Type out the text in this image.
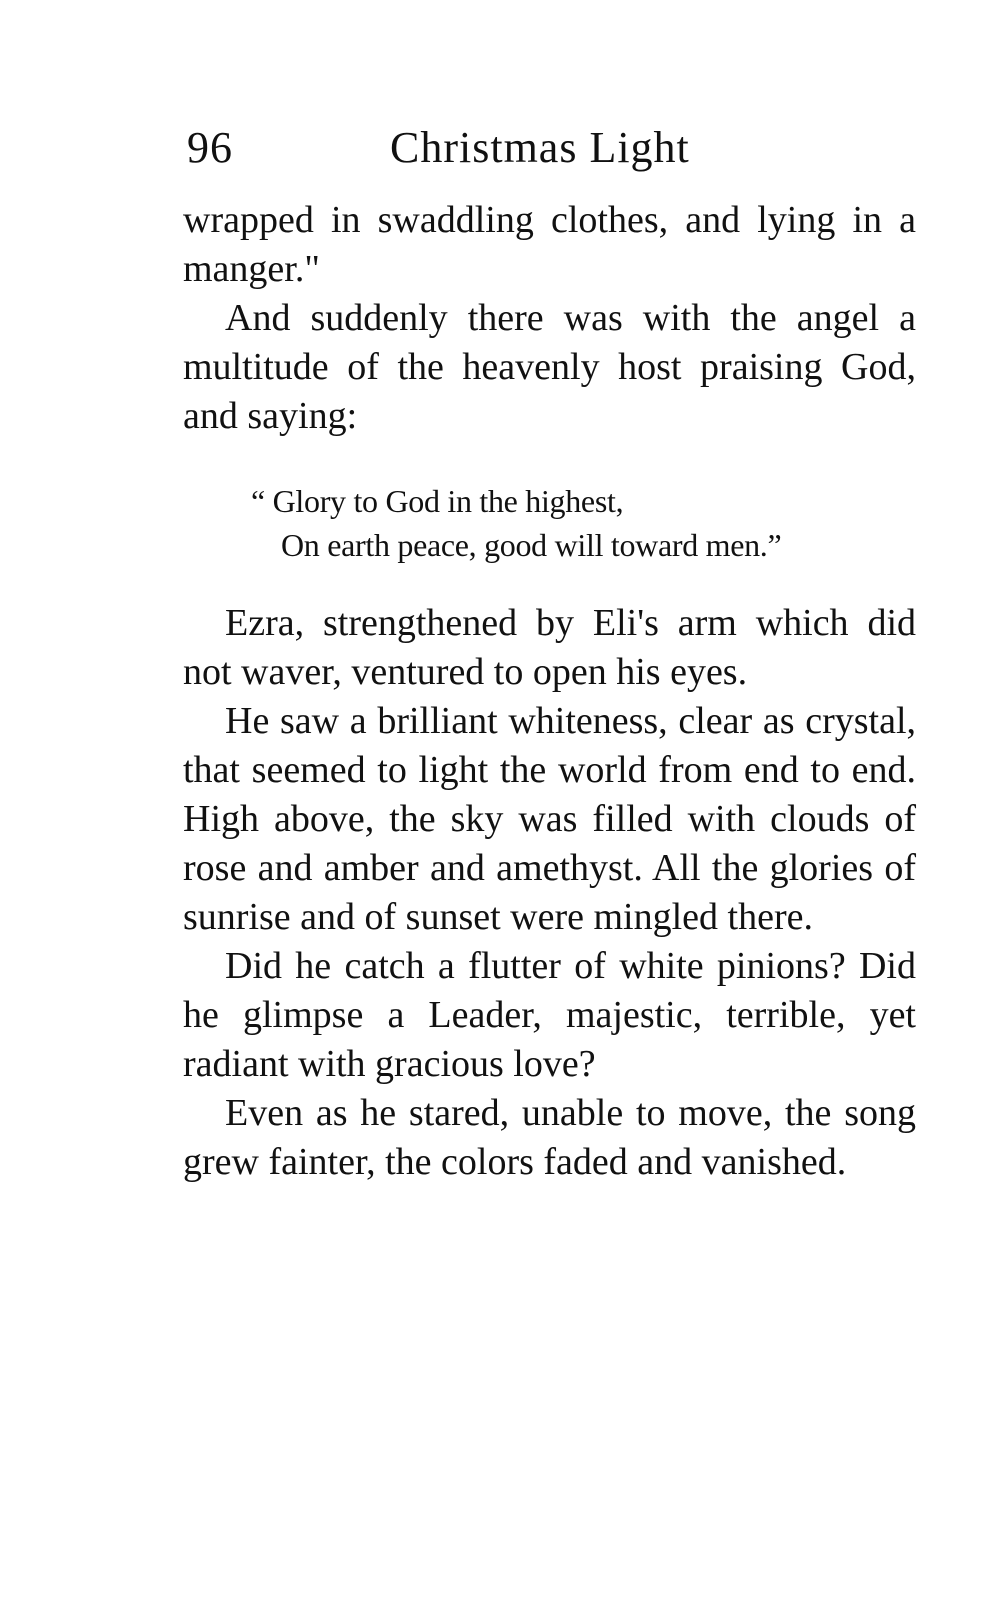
96	Christmas Light

wrapped in swaddling clothes, and lying in a manger."

And suddenly there was with the angel a multitude of the heavenly host praising God, and saying:

“ Glory to God in the highest,
On earth peace, good will toward men.”

Ezra, strengthened by Eli's arm which did not waver, ventured to open his eyes.

He saw a brilliant whiteness, clear as crystal, that seemed to light the world from end to end. High above, the sky was filled with clouds of rose and amber and amethyst. All the glories of sunrise and of sunset were mingled there.

Did he catch a flutter of white pinions? Did he glimpse a Leader, majestic, terrible, yet radiant with gracious love?

Even as he stared, unable to move, the song grew fainter, the colors faded and vanished.
